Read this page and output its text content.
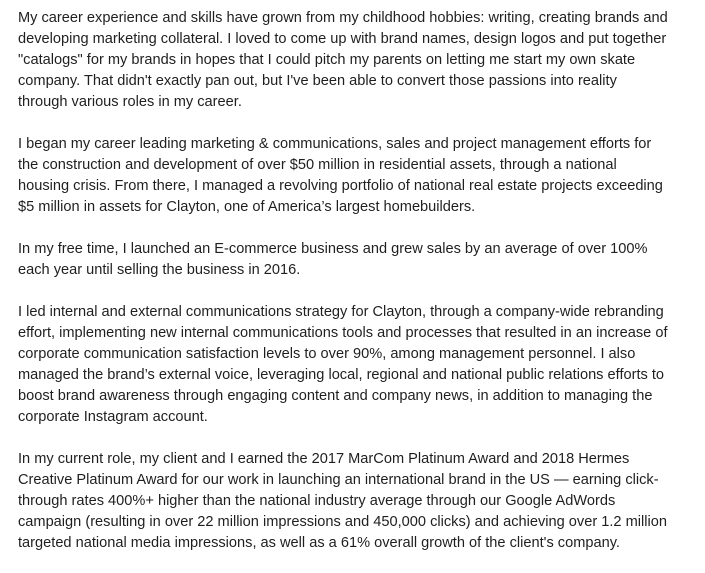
My career experience and skills have grown from my childhood hobbies: writing, creating brands and
developing marketing collateral. I loved to come up with brand names, design logos and put together
"catalogs" for my brands in hopes that I could pitch my parents on letting me start my own skate
company. That didn't exactly pan out, but I've been able to convert those passions into reality
through various roles in my career.

I began my career leading marketing & communications, sales and project management efforts for
the construction and development of over $50 million in residential assets, through a national
housing crisis. From there, I managed a revolving portfolio of national real estate projects exceeding
$5 million in assets for Clayton, one of America’s largest homebuilders.

In my free time, I launched an E-commerce business and grew sales by an average of over 100%
each year until selling the business in 2016.

I led internal and external communications strategy for Clayton, through a company-wide rebranding
effort, implementing new internal communications tools and processes that resulted in an increase of
corporate communication satisfaction levels to over 90%, among management personnel. I also
managed the brand’s external voice, leveraging local, regional and national public relations efforts to
boost brand awareness through engaging content and company news, in addition to managing the
corporate Instagram account.

In my current role, my client and I earned the 2017 MarCom Platinum Award and 2018 Hermes
Creative Platinum Award for our work in launching an international brand in the US — earning click-
through rates 400%+ higher than the national industry average through our Google AdWords
campaign (resulting in over 22 million impressions and 450,000 clicks) and achieving over 1.2 million
targeted national media impressions, as well as a 61% overall growth of the client's company.
